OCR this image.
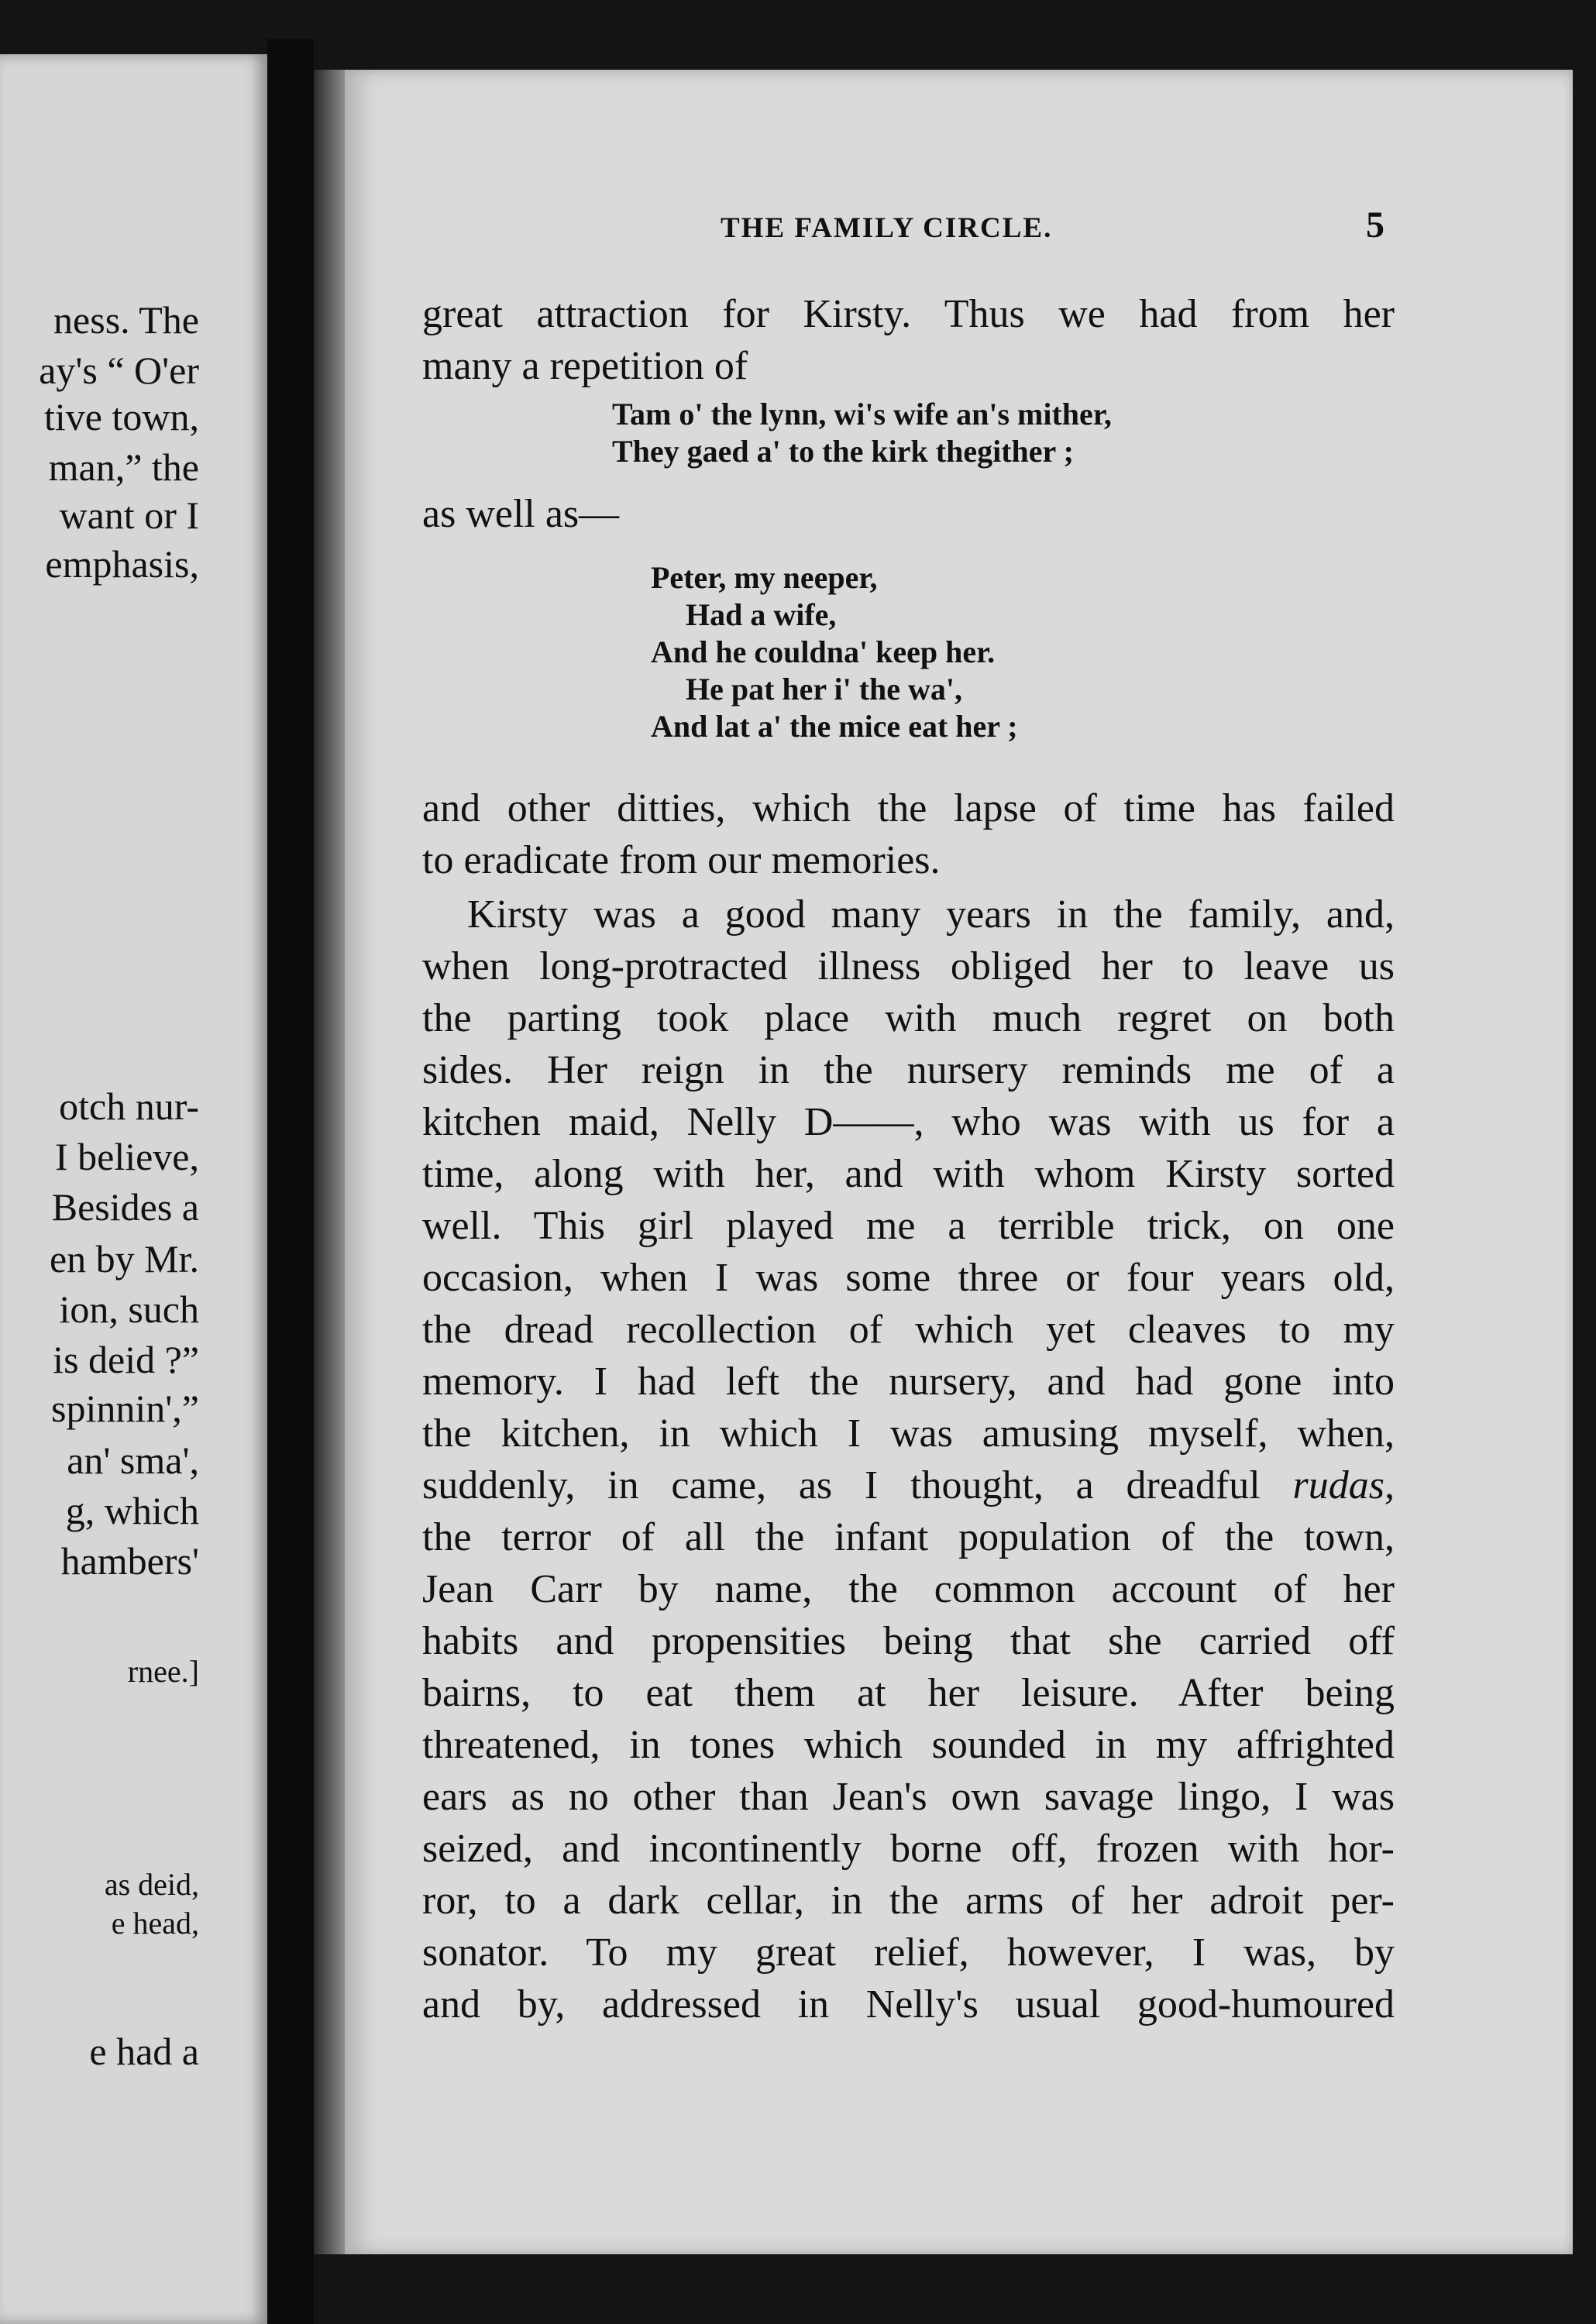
ness. The

ay's “ O'er

tive town,

man,” the

want or I

emphasis,

otch nur-

I believe,

Besides a

en by Mr.

ion, such

is deid ?”

spinnin',”

an' sma',

g, which

hambers'

rnee.]

as deid,

e head,

e had a

THE FAMILY CIRCLE.	5

great attraction for Kirsty. Thus we had from her
many a repetition of
Tam o' the lynn, wi's wife an's mither,
They gaed a' to the kirk thegither ;
as well as—
Peter, my neeper,
Had a wife,
And he couldna' keep her.
He pat her i' the wa',
And lat a' the mice eat her ;
and other ditties, which the lapse of time has failed
to eradicate from our memories.
Kirsty was a good many years in the family, and,
when long-protracted illness obliged her to leave us
the parting took place with much regret on both
sides. Her reign in the nursery reminds me of a
kitchen maid, Nelly D——, who was with us for a
time, along with her, and with whom Kirsty sorted
well. This girl played me a terrible trick, on one
occasion, when I was some three or four years old,
the dread recollection of which yet cleaves to my
memory. I had left the nursery, and had gone into
the kitchen, in which I was amusing myself, when,
suddenly, in came, as I thought, a dreadful rudas,
the terror of all the infant population of the town,
Jean Carr by name, the common account of her
habits and propensities being that she carried off
bairns, to eat them at her leisure. After being
threatened, in tones which sounded in my affrighted
ears as no other than Jean's own savage lingo, I was
seized, and incontinently borne off, frozen with hor-
ror, to a dark cellar, in the arms of her adroit per-
sonator. To my great relief, however, I was, by
and by, addressed in Nelly's usual good-humoured
